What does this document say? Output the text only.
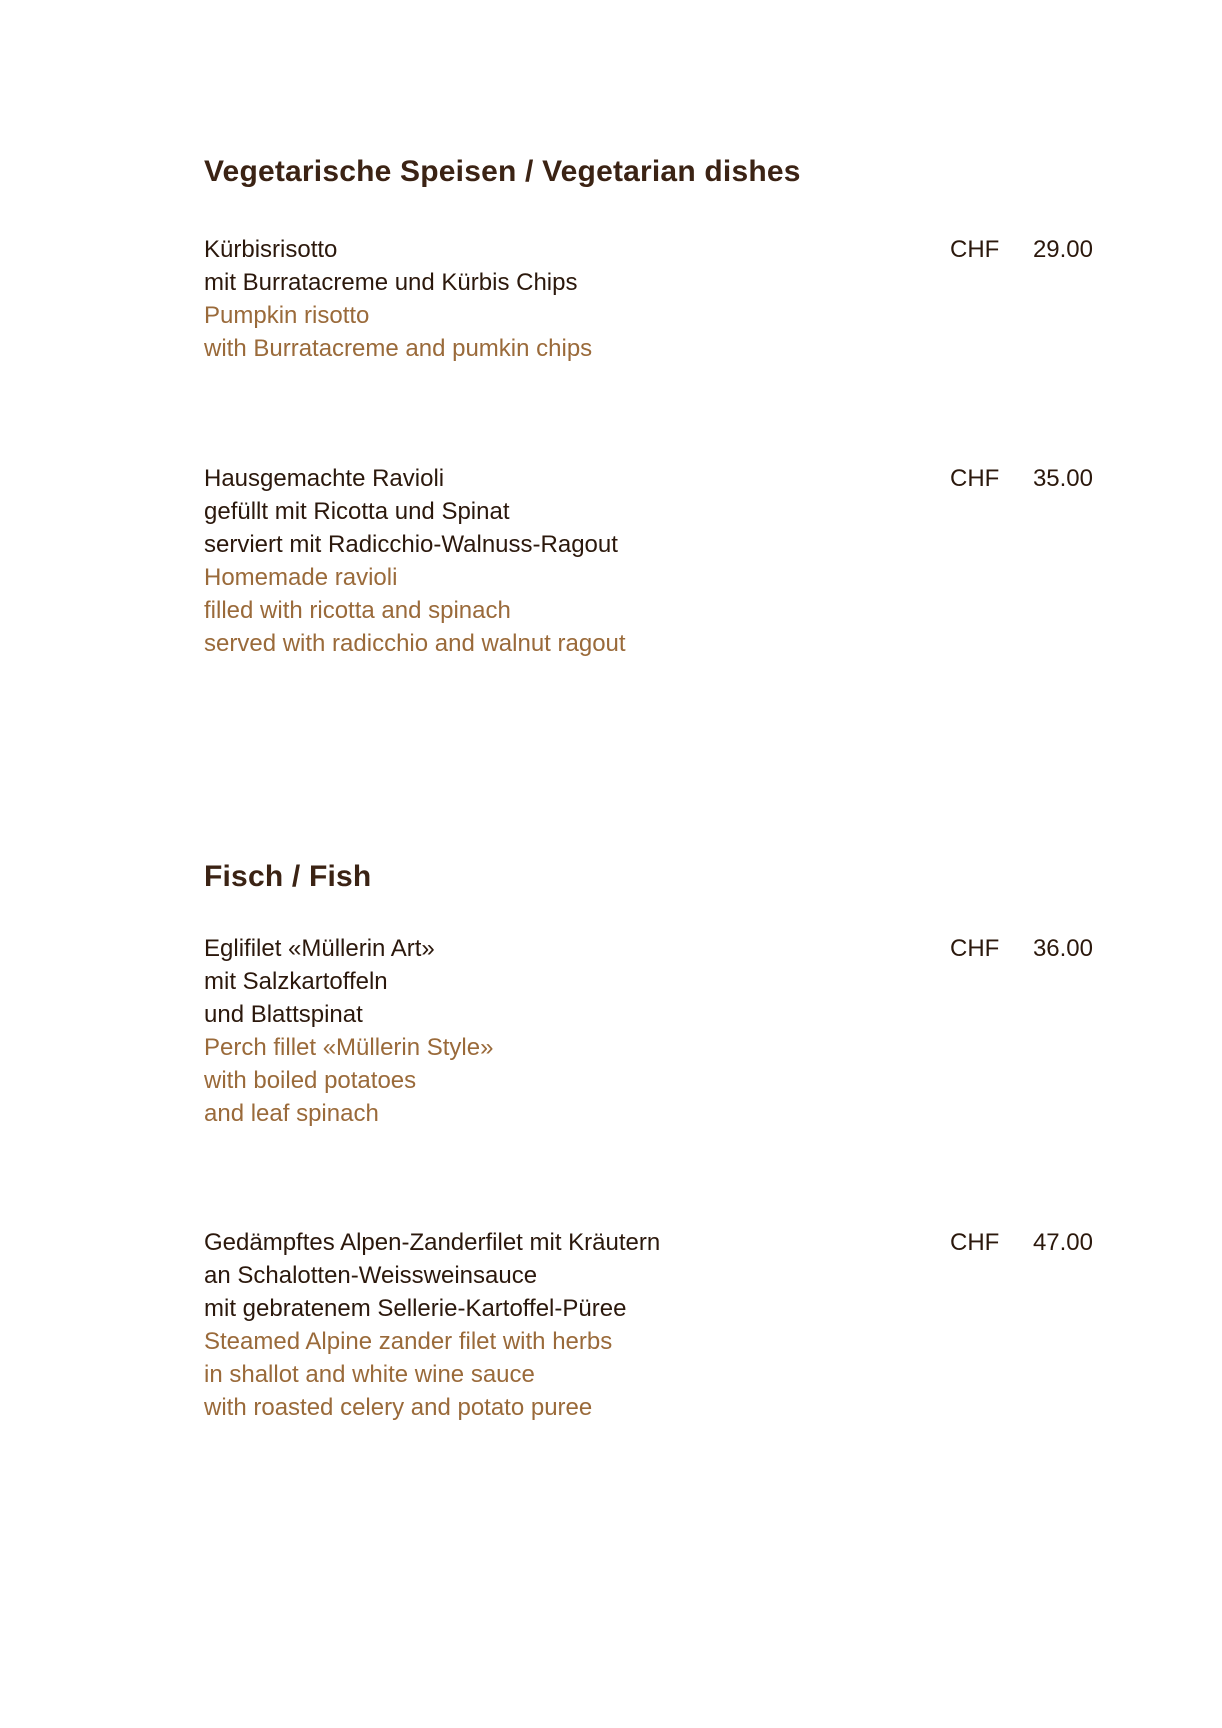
Vegetarische Speisen / Vegetarian dishes
Kürbisrisotto
mit Burratacreme und Kürbis Chips
Pumpkin risotto
with Burratacreme and pumkin chips
CHF 29.00
Hausgemachte Ravioli
gefüllt mit Ricotta und Spinat
serviert mit Radicchio-Walnuss-Ragout
Homemade ravioli
filled with ricotta and spinach
served with radicchio and walnut ragout
CHF 35.00
Fisch / Fish
Eglifilet «Müllerin Art»
mit Salzkartoffeln
und Blattspinat
Perch fillet «Müllerin Style»
with boiled potatoes
and leaf spinach
CHF 36.00
Gedämpftes Alpen-Zanderfilet mit Kräutern
an Schalotten-Weissweinsauce
mit gebratenem Sellerie-Kartoffel-Püree
Steamed Alpine zander filet with herbs
in shallot and white wine sauce
with roasted celery and potato puree
CHF 47.00
